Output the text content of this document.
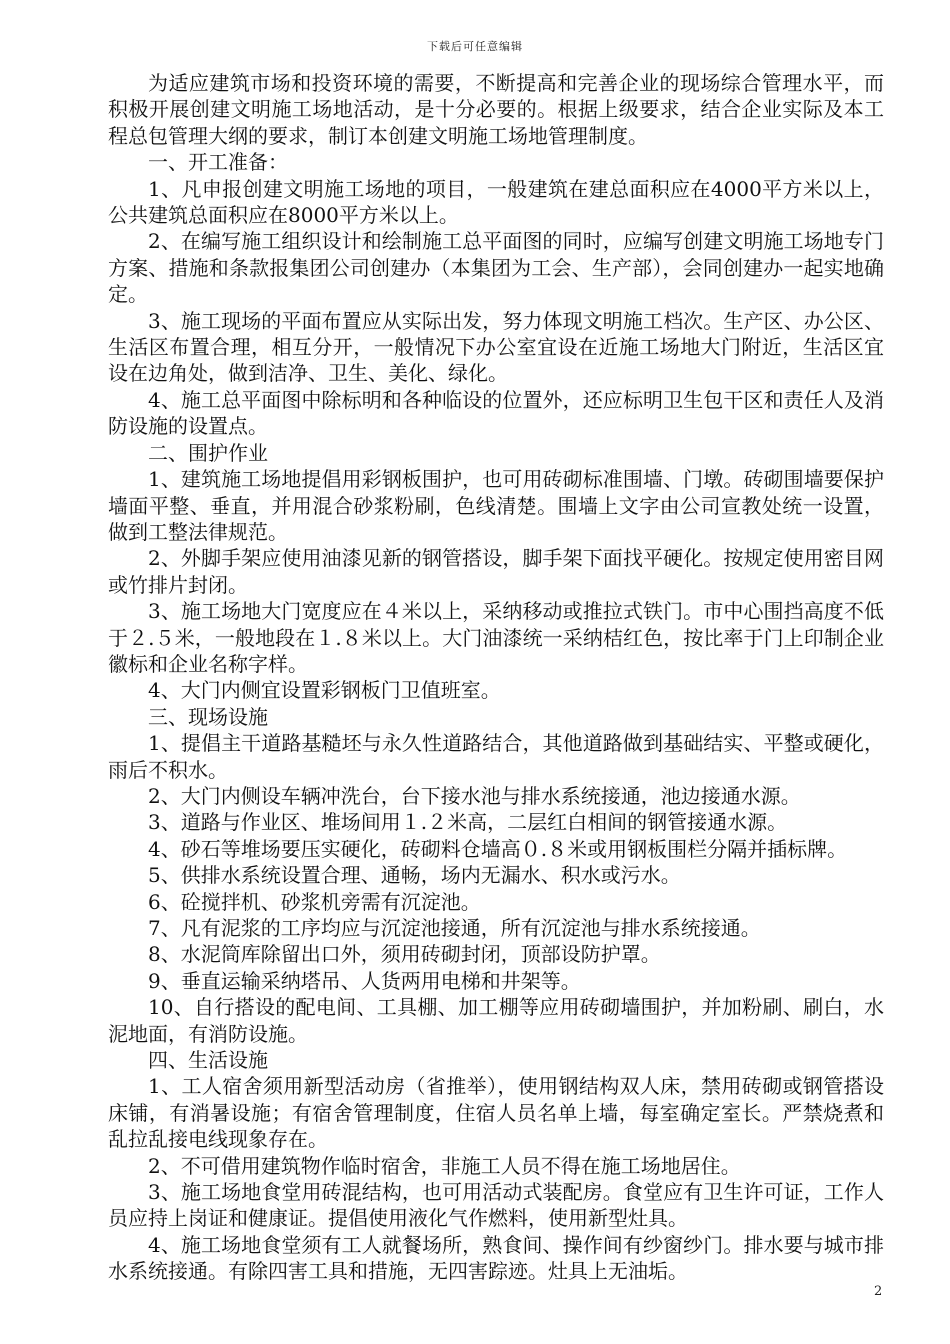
下载后可任意编辑

为适应建筑市场和投资环境的需要，不断提高和完善企业的现场综合管理水平，而积极开展创建文明施工场地活动，是十分必要的。根据上级要求，结合企业实际及本工程总包管理大纲的要求，制订本创建文明施工场地管理制度。

一、开工准备：

1、凡申报创建文明施工场地的项目，一般建筑在建总面积应在4000平方米以上，公共建筑总面积应在8000平方米以上。

2、在编写施工组织设计和绘制施工总平面图的同时，应编写创建文明施工场地专门方案、措施和条款报集团公司创建办（本集团为工会、生产部），会同创建办一起实地确定。

3、施工现场的平面布置应从实际出发，努力体现文明施工档次。生产区、办公区、生活区布置合理，相互分开，一般情况下办公室宜设在近施工场地大门附近，生活区宜设在边角处，做到洁净、卫生、美化、绿化。

4、施工总平面图中除标明和各种临设的位置外，还应标明卫生包干区和责任人及消防设施的设置点。

二、围护作业

1、建筑施工场地提倡用彩钢板围护，也可用砖砌标准围墙、门墩。砖砌围墙要保护墙面平整、垂直，并用混合砂浆粉刷，色线清楚。围墙上文字由公司宣教处统一设置，做到工整法律规范。

2、外脚手架应使用油漆见新的钢管搭设，脚手架下面找平硬化。按规定使用密目网或竹排片封闭。

3、施工场地大门宽度应在４米以上，采纳移动或推拉式铁门。市中心围挡高度不低于２.５米，一般地段在１.８米以上。大门油漆统一采纳桔红色，按比率于门上印制企业徽标和企业名称字样。

4、大门内侧宜设置彩钢板门卫值班室。

三、现场设施

1、提倡主干道路基糙坯与永久性道路结合，其他道路做到基础结实、平整或硬化，雨后不积水。

2、大门内侧设车辆冲洗台，台下接水池与排水系统接通，池边接通水源。

3、道路与作业区、堆场间用１.２米高，二层红白相间的钢管接通水源。

4、砂石等堆场要压实硬化，砖砌料仓墙高０.８米或用钢板围栏分隔并插标牌。

5、供排水系统设置合理、通畅，场内无漏水、积水或污水。

6、砼搅拌机、砂浆机旁需有沉淀池。

7、凡有泥浆的工序均应与沉淀池接通，所有沉淀池与排水系统接通。

8、水泥筒库除留出口外，须用砖砌封闭，顶部设防护罩。

9、垂直运输采纳塔吊、人货两用电梯和井架等。

10、自行搭设的配电间、工具棚、加工棚等应用砖砌墙围护，并加粉刷、刷白，水泥地面，有消防设施。

四、生活设施

1、工人宿舍须用新型活动房（省推举），使用钢结构双人床，禁用砖砌或钢管搭设床铺，有消暑设施；有宿舍管理制度，住宿人员名单上墙，每室确定室长。严禁烧煮和乱拉乱接电线现象存在。

2、不可借用建筑物作临时宿舍，非施工人员不得在施工场地居住。

3、施工场地食堂用砖混结构，也可用活动式装配房。食堂应有卫生许可证，工作人员应持上岗证和健康证。提倡使用液化气作燃料，使用新型灶具。

4、施工场地食堂须有工人就餐场所，熟食间、操作间有纱窗纱门。排水要与城市排水系统接通。有除四害工具和措施，无四害踪迹。灶具上无油垢。

2
